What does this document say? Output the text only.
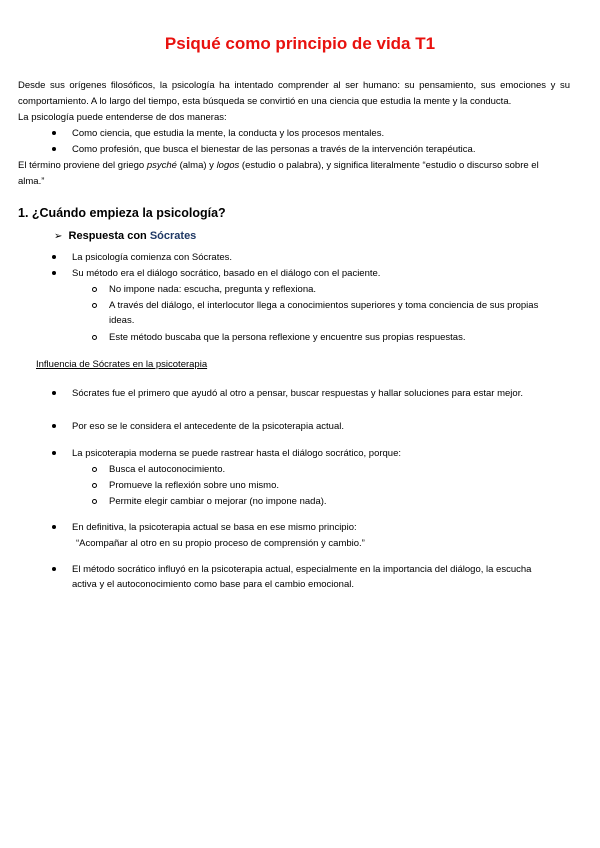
Psiqué como principio de vida T1

Desde sus orígenes filosóficos, la psicología ha intentado comprender al ser humano: su pensamiento, sus emociones y su comportamiento. A lo largo del tiempo, esta búsqueda se convirtió en una ciencia que estudia la mente y la conducta.

La psicología puede entenderse de dos maneras:
Como ciencia, que estudia la mente, la conducta y los procesos mentales.
Como profesión, que busca el bienestar de las personas a través de la intervención terapéutica.

El término proviene del griego psyché (alma) y logos (estudio o palabra), y significa literalmente “estudio o discurso sobre el alma.”

1. ¿Cuándo empieza la psicología?
➢ Respuesta con Sócrates
La psicología comienza con Sócrates.
Su método era el diálogo socrático, basado en el diálogo con el paciente.
No impone nada: escucha, pregunta y reflexiona.
A través del diálogo, el interlocutor llega a conocimientos superiores y toma conciencia de sus propias ideas.
Este método buscaba que la persona reflexione y encuentre sus propias respuestas.
Influencia de Sócrates en la psicoterapia
Sócrates fue el primero que ayudó al otro a pensar, buscar respuestas y hallar soluciones para estar mejor.
Por eso se le considera el antecedente de la psicoterapia actual.
La psicoterapia moderna se puede rastrear hasta el diálogo socrático, porque:
Busca el autoconocimiento.
Promueve la reflexión sobre uno mismo.
Permite elegir cambiar o mejorar (no impone nada).
En definitiva, la psicoterapia actual se basa en ese mismo principio:
“Acompañar al otro en su propio proceso de comprensión y cambio.”
El método socrático influyó en la psicoterapia actual, especialmente en la importancia del diálogo, la escucha activa y el autoconocimiento como base para el cambio emocional.
